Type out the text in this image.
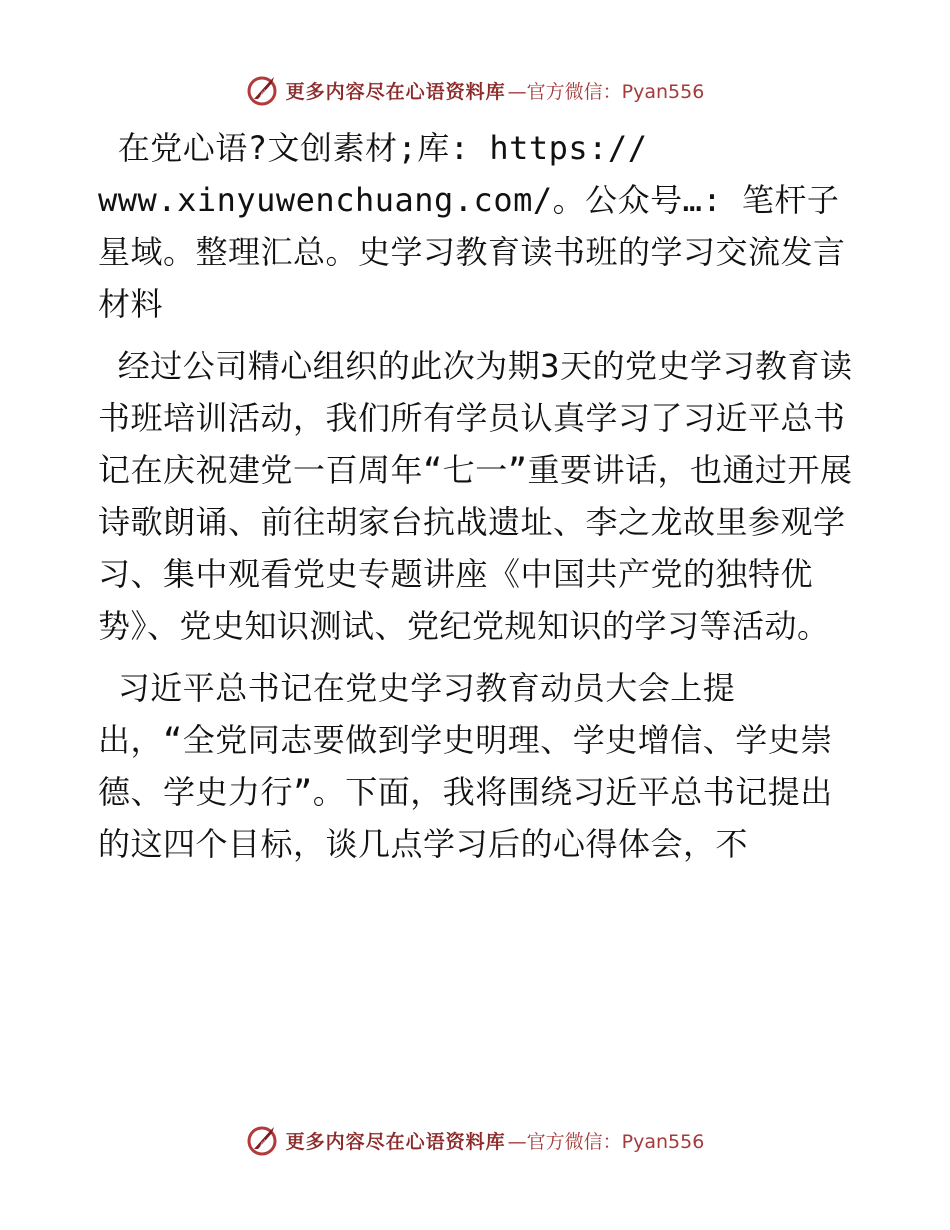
心 更多内容尽在心语资料库 —官方微信：Pyan556

在党心语?文创素材;库: https://
www.xinyuwenchuang.com/。公众号…: 笔杆子星域。整理汇总。史学习教育读书班的学习交流发言材料

经过公司精心组织的此次为期3天的党史学习教育读书班培训活动，我们所有学员认真学习了习近平总书记在庆祝建党一百周年“七一”重要讲话，也通过开展诗歌朗诵、前往胡家台抗战遗址、李之龙故里参观学习、集中观看党史专题讲座《中国共产党的独特优势》、党史知识测试、党纪党规知识的学习等活动。

习近平总书记在党史学习教育动员大会上提
出，“全党同志要做到学史明理、学史增信、学史崇德、学史力行”。下面，我将围绕习近平总书记提出的这四个目标，谈几点学习后的心得体会，不

心 更多内容尽在心语资料库 —官方微信：Pyan556
